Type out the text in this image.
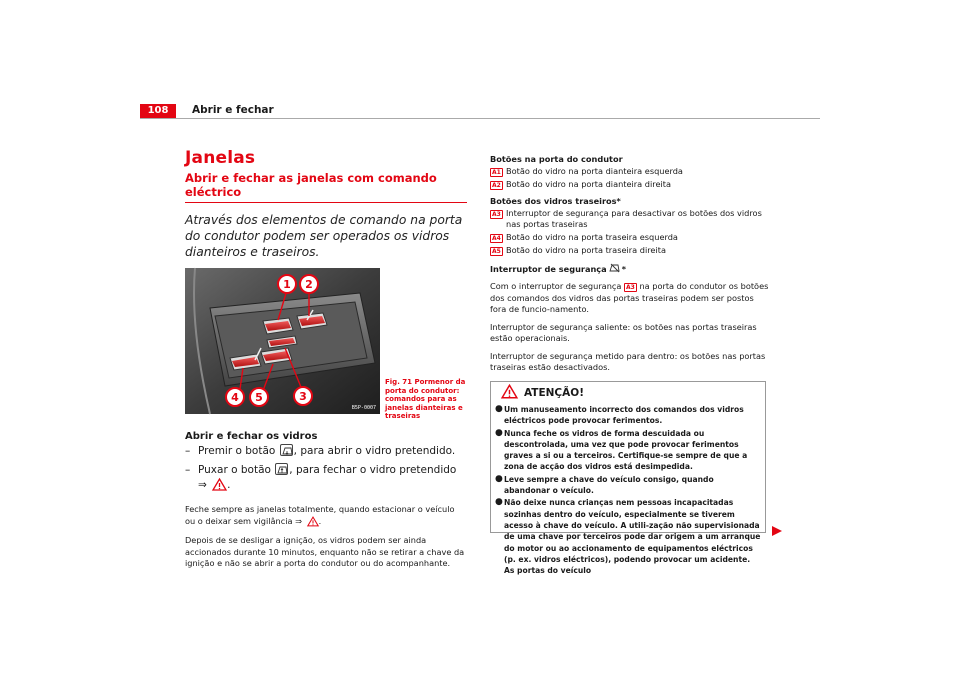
108	Abrir e fechar
Janelas
Abrir e fechar as janelas com comando eléctrico
Através dos elementos de comando na porta do condutor podem ser operados os vidros dianteiros e traseiros.
1 2
3
4 5
B5P-0007
Fig. 71 Pormenor da porta do condutor: comandos para as janelas dianteiras e traseiras
Abrir e fechar os vidros
– Premir o botão , para abrir o vidro pretendido.
– Puxar o botão , para fechar o vidro pretendido ⇒ .
Feche sempre as janelas totalmente, quando estacionar o veículo ou o deixar sem vigilância ⇒ .
Depois de se desligar a ignição, os vidros podem ser ainda accionados durante 10 minutos, enquanto não se retirar a chave da ignição e não se abrir a porta do condutor ou do acompanhante.
Botões na porta do condutor
A1 Botão do vidro na porta dianteira esquerda
A2 Botão do vidro na porta dianteira direita
Botões dos vidros traseiros*
A3 Interruptor de segurança para desactivar os botões dos vidros nas portas traseiras
A4 Botão do vidro na porta traseira esquerda
A5 Botão do vidro na porta traseira direita
Interruptor de segurança *
Com o interruptor de segurança A3 na porta do condutor os botões dos comandos dos vidros das portas traseiras podem ser postos fora de funcio-namento.
Interruptor de segurança saliente: os botões nas portas traseiras estão operacionais.
Interruptor de segurança metido para dentro: os botões nas portas traseiras estão desactivados.
ATENÇÃO!
● Um manuseamento incorrecto dos comandos dos vidros eléctricos pode provocar ferimentos.
● Nunca feche os vidros de forma descuidada ou descontrolada, uma vez que pode provocar ferimentos graves a si ou a terceiros. Certifique-se sempre de que a zona de acção dos vidros está desimpedida.
● Leve sempre a chave do veículo consigo, quando abandonar o veículo.
● Não deixe nunca crianças nem pessoas incapacitadas sozinhas dentro do veículo, especialmente se tiverem acesso à chave do veículo. A utili-zação não supervisionada de uma chave por terceiros pode dar origem a um arranque do motor ou ao accionamento de equipamentos eléctricos (p. ex. vidros eléctricos), podendo provocar um acidente. As portas do veículo
